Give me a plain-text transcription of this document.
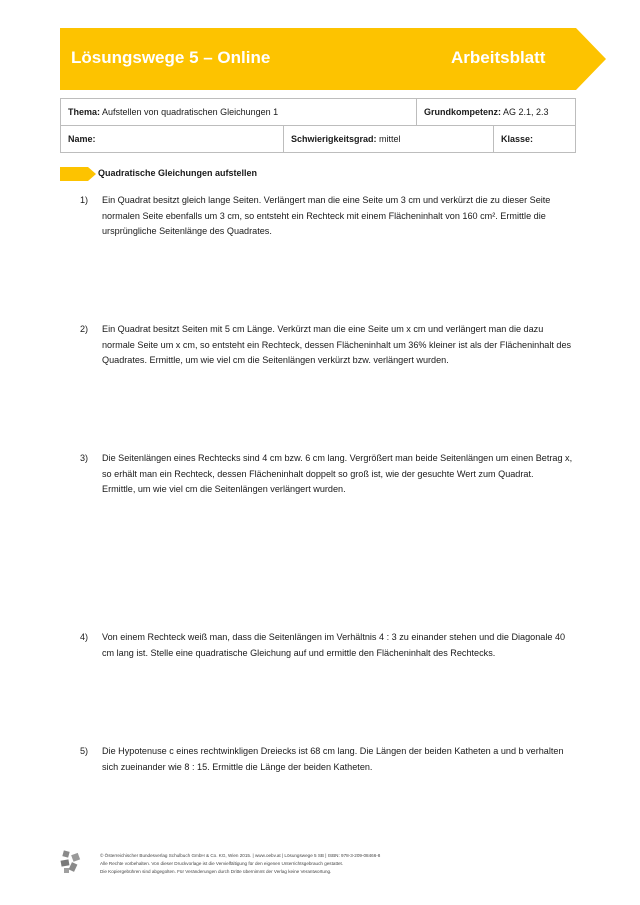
Lösungswege 5 – Online	Arbeitsblatt
Thema: Aufstellen von quadratischen Gleichungen 1		Grundkompetenz: AG 2.1, 2.3	
Name:	Schwierigkeitsgrad: mittel		Klasse:
Quadratische Gleichungen aufstellen
1) Ein Quadrat besitzt gleich lange Seiten. Verlängert man die eine Seite um 3 cm und verkürzt die zu dieser Seite
normalen Seite ebenfalls um 3 cm, so entsteht ein Rechteck mit einem Flächeninhalt von 160 cm². Ermittle die
ursprüngliche Seitenlänge des Quadrates.
2) Ein Quadrat besitzt Seiten mit 5 cm Länge. Verkürzt man die eine Seite um x cm und verlängert man die dazu
normale Seite um x cm, so entsteht ein Rechteck, dessen Flächeninhalt um 36% kleiner ist als der Flächeninhalt des
Quadrates. Ermittle, um wie viel cm die Seitenlängen verkürzt bzw. verlängert wurden.
3) Die Seitenlängen eines Rechtecks sind 4 cm bzw. 6 cm lang. Vergrößert man beide Seitenlängen um einen Betrag x,
so erhält man ein Rechteck, dessen Flächeninhalt doppelt so groß ist, wie der gesuchte Wert zum Quadrat.
Ermittle, um wie viel cm die Seitenlängen verlängert wurden.
4) Von einem Rechteck weiß man, dass die Seitenlängen im Verhältnis 4 : 3 zu einander stehen und die Diagonale 40
cm lang ist. Stelle eine quadratische Gleichung auf und ermittle den Flächeninhalt des Rechtecks.
5) Die Hypotenuse c eines rechtwinkligen Dreiecks ist 68 cm lang. Die Längen der beiden Katheten a und b verhalten
sich zueinander wie 8 : 15. Ermittle die Länge der beiden Katheten.
© Österreichischer Bundesverlag Schulbuch GmbH & Co. KG, Wien 2015. | www.oebv.at | Lösungswege 5 SB | ISBN: 978-3-209-08466-8
Alle Rechte vorbehalten. Von dieser Druckvorlage ist die Vervielfältigung für den eigenen Unterrichtsgebrauch gestattet.
Die Kopiergebühren sind abgegolten. Für Veränderungen durch Dritte übernimmt der Verlag keine Verantwortung.
